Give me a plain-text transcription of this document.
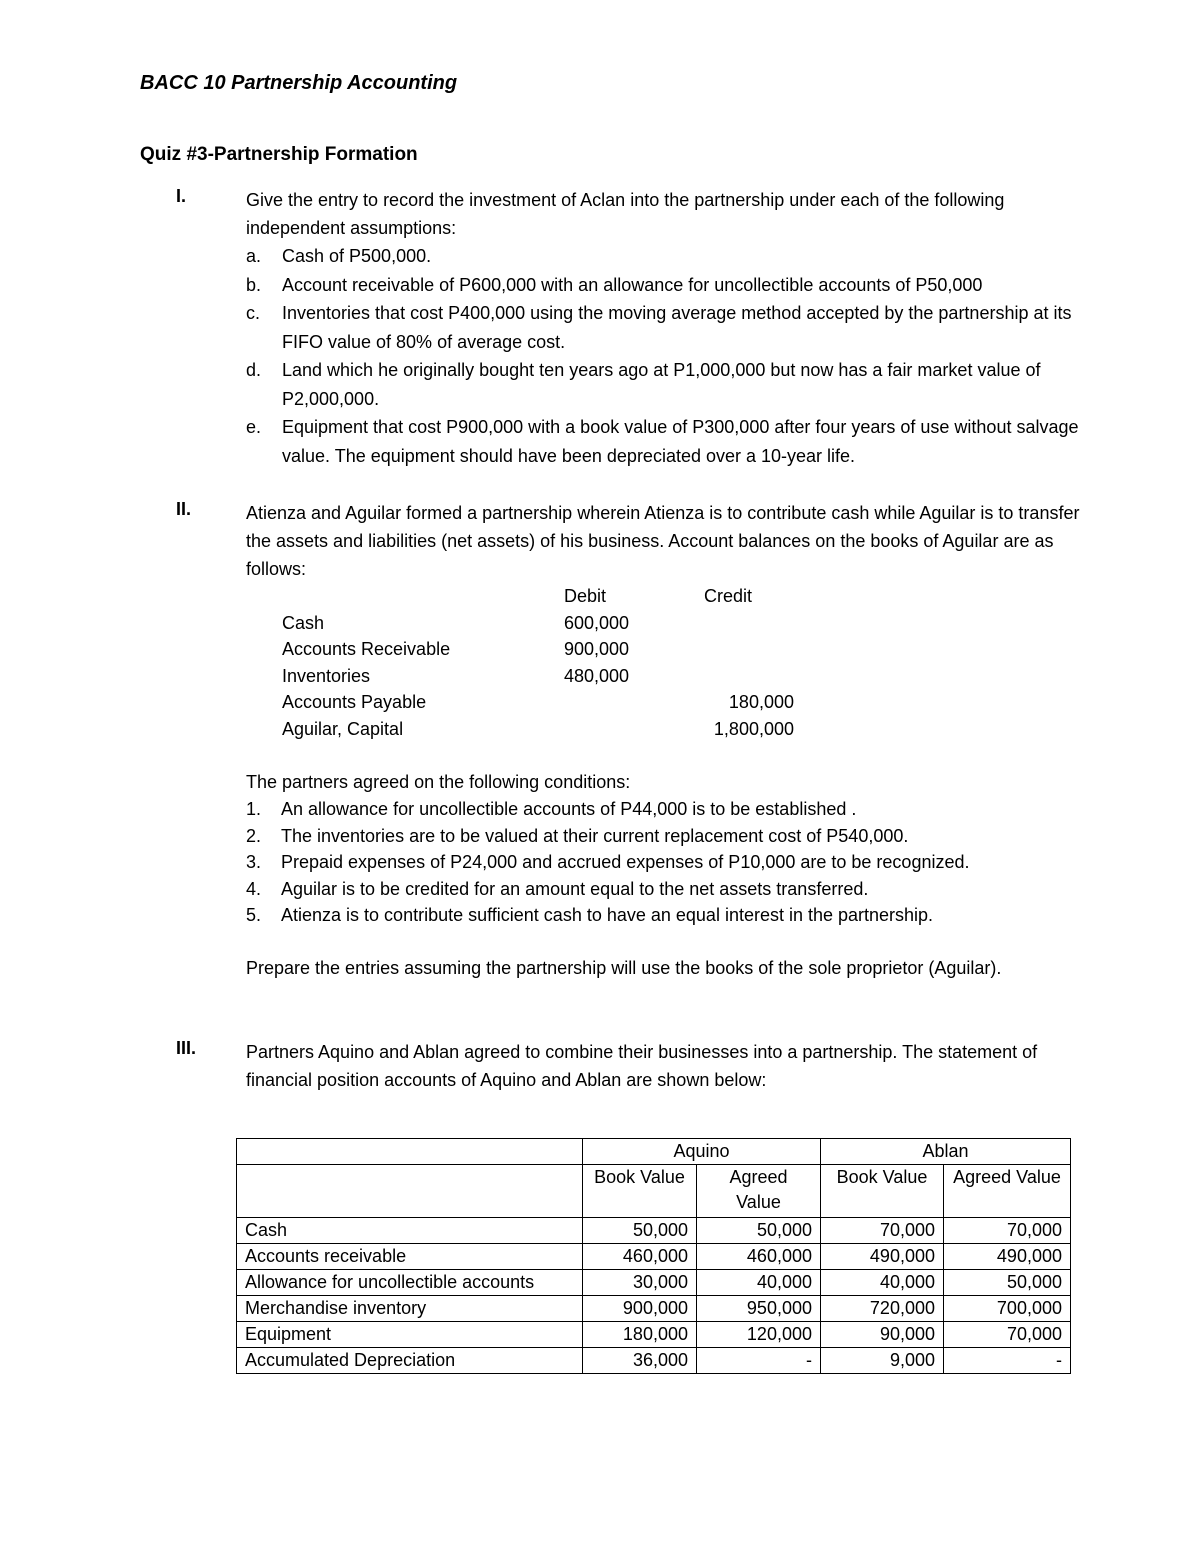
BACC 10 Partnership Accounting
Quiz #3-Partnership Formation
I.	Give the entry to record the investment of Aclan into the partnership under each of the following independent assumptions:
a. Cash of P500,000.
b. Account receivable of P600,000 with an allowance for uncollectible accounts of P50,000
c. Inventories that cost P400,000 using the moving average method accepted by the partnership at its FIFO value of 80% of average cost.
d. Land which he originally bought ten years ago at P1,000,000 but now has a fair market value of P2,000,000.
e. Equipment that cost P900,000 with a book value of P300,000 after four years of use without salvage value. The equipment should have been depreciated over a 10-year life.
II.	Atienza and Aguilar formed a partnership wherein Atienza is to contribute cash while Aguilar is to transfer the assets and liabilities (net assets) of his business. Account balances on the books of Aguilar are as follows:
	Debit	Credit
Cash	600,000	
Accounts Receivable	900,000	
Inventories	480,000	
Accounts Payable		180,000
Aguilar, Capital		1,800,000
The partners agreed on the following conditions:
1. An allowance for uncollectible accounts of P44,000 is to be established .
2. The inventories are to be valued at their current replacement cost of P540,000.
3. Prepaid expenses of P24,000 and accrued expenses of P10,000 are to be recognized.
4. Aguilar is to be credited for an amount equal to the net assets transferred.
5. Atienza is to contribute sufficient cash to have an equal interest in the partnership.
Prepare the entries assuming the partnership will use the books of the sole proprietor (Aguilar).
III.	Partners Aquino and Ablan agreed to combine their businesses into a partnership. The statement of financial position accounts of Aquino and Ablan are shown below:
	Aquino		Ablan	
	Book Value	Agreed Value	Book Value	Agreed Value
Cash	50,000	50,000	70,000	70,000
Accounts receivable	460,000	460,000	490,000	490,000
Allowance for uncollectible accounts	30,000	40,000	40,000	50,000
Merchandise inventory	900,000	950,000	720,000	700,000
Equipment	180,000	120,000	90,000	70,000
Accumulated Depreciation	36,000	-	9,000	-
